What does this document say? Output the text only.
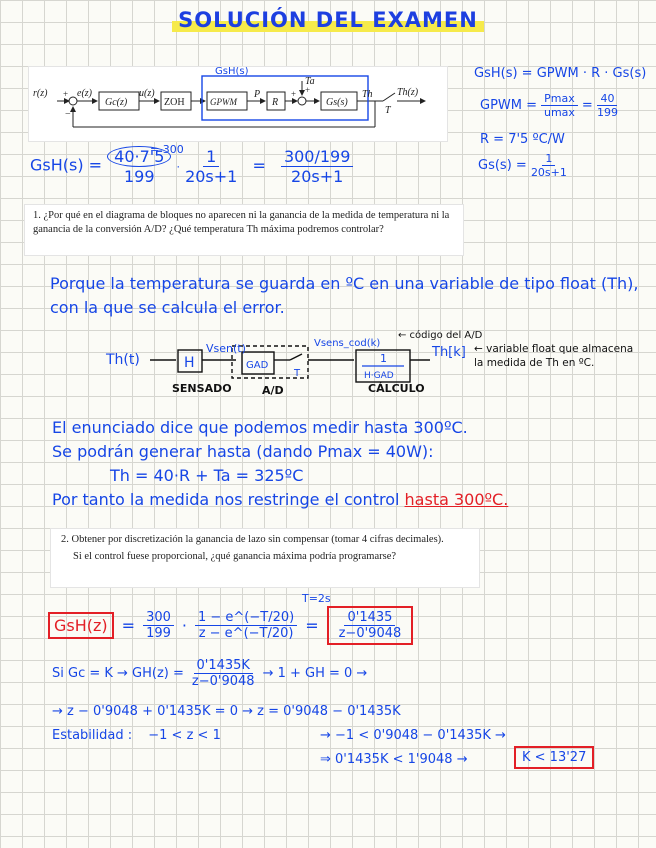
SOLUCIÓN DEL EXAMEN
GsH(s)
r(z) +
−
e(z)
Gc(z)
u(z)
ZOH	GPWM
P
R
+ +
Ta
Gs(s)
Th
T
Th(z)
GsH(s) = GPWM · R · Gs(s)
GPWM = $\frac{Pmax}{umax} = \frac{40}{199}$
R = 7'5 ºC/W
$Gs(s) = \frac{1}{20s+1}$
$GsH(s) = \frac{40\cdot 7'5}{199} \cdot \frac{1}{20s+1} = \frac{300/199}{20s+1}$
= 300
1. ¿Por qué en el diagrama de bloques no aparecen ni la ganancia de la medida de temperatura ni la ganancia de la conversión A/D? ¿Qué temperatura Th máxima podremos controlar?
Porque la temperatura se guarda en ºC en una variable de tipo float (Th), con la que se calcula el error.
Th(t)	H
Vsen(t)
GAD
T
Vsens_cod(k)
← código del A/D
1
H·GAD
Th[k]
SENSADO	A/D	CÁLCULO
← variable float que almacena la medida de Th en ºC.
El enunciado dice que podemos medir hasta 300ºC.
Se podrán generar hasta (dando Pmax = 40W):
Th = 40·R + Ta = 325ºC
Por tanto la medida nos restringe el control hasta 300ºC.
2. Obtener por discretización la ganancia de lazo sin compensar (tomar 4 cifras decimales).
Si el control fuese proporcional, ¿qué ganancia máxima podría programarse?
$GsH(z) = \frac{300}{199} \cdot \frac{1 - e\^{}(-T/20)}{z - e\^{}(-T/20)} = \frac{0'1435}{z-0'9048}$
T=2s
Si $Gc = K \to GH(z) = \frac{0'1435K}{z-0'9048} \to 1$ + GH = 0 →
→ z − 0'9048 + 0'1435K = 0 → z = 0'9048 − 0'1435K
Estabilidad : −1 < z < 1	→ −1 < 0'9048 − 0'1435K →
⇒ 0'1435K < 1'9048 →	K < 13'27
